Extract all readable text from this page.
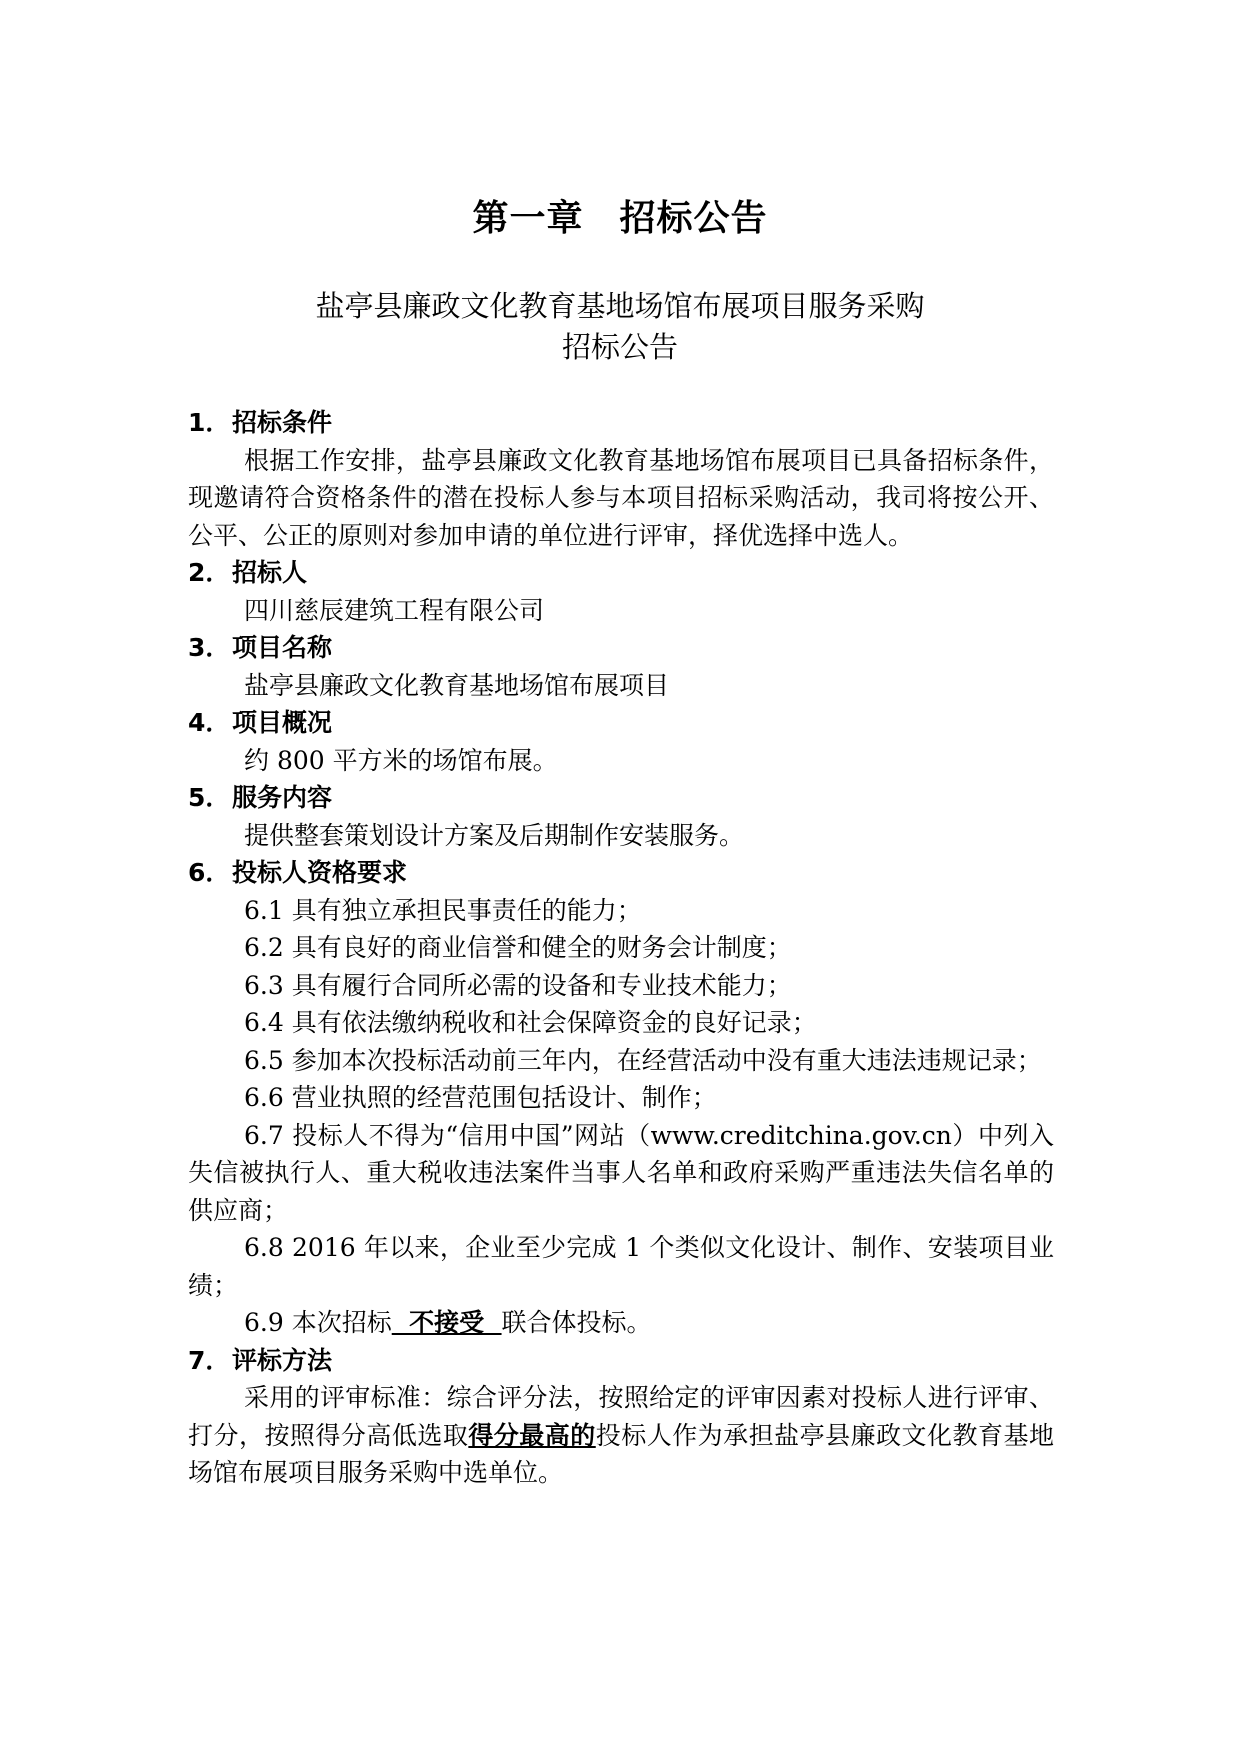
第一章 招标公告
盐亭县廉政文化教育基地场馆布展项目服务采购
招标公告
1．招标条件
根据工作安排，盐亭县廉政文化教育基地场馆布展项目已具备招标条件，现邀请符合资格条件的潜在投标人参与本项目招标采购活动，我司将按公开、公平、公正的原则对参加申请的单位进行评审，择优选择中选人。
2．招标人
四川慈辰建筑工程有限公司
3．项目名称
盐亭县廉政文化教育基地场馆布展项目
4．项目概况
约 800 平方米的场馆布展。
5．服务内容
提供整套策划设计方案及后期制作安装服务。
6．投标人资格要求
6.1 具有独立承担民事责任的能力；
6.2 具有良好的商业信誉和健全的财务会计制度；
6.3 具有履行合同所必需的设备和专业技术能力；
6.4 具有依法缴纳税收和社会保障资金的良好记录；
6.5 参加本次投标活动前三年内，在经营活动中没有重大违法违规记录；
6.6 营业执照的经营范围包括设计、制作；
6.7 投标人不得为“信用中国”网站（www.creditchina.gov.cn）中列入失信被执行人、重大税收违法案件当事人名单和政府采购严重违法失信名单的供应商；
6.8 2016 年以来，企业至少完成 1 个类似文化设计、制作、安装项目业绩；
6.9 本次招标  不接受  联合体投标。
7．评标方法
采用的评审标准：综合评分法，按照给定的评审因素对投标人进行评审、打分，按照得分高低选取得分最高的投标人作为承担盐亭县廉政文化教育基地场馆布展项目服务采购中选单位。
